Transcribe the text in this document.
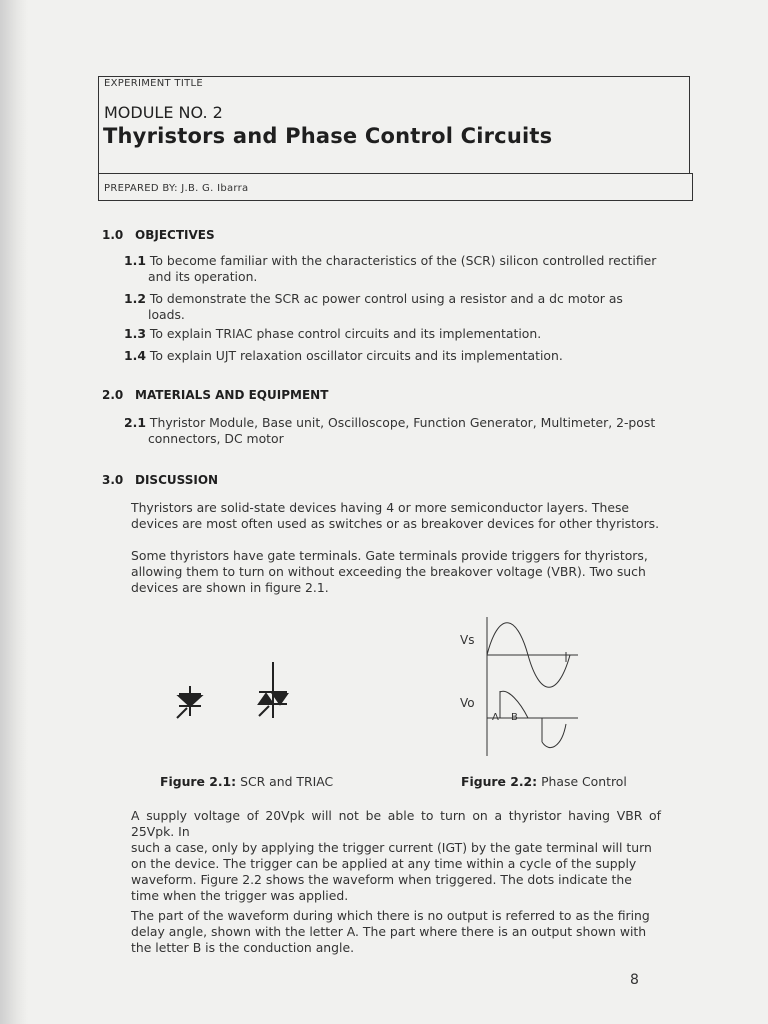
EXPERIMENT TITLE
MODULE NO. 2
Thyristors and Phase Control Circuits
PREPARED BY: J.B. G. Ibarra
1.0 OBJECTIVES
1.1 To become familiar with the characteristics of the (SCR) silicon controlled rectifier
and its operation.
1.2 To demonstrate the SCR ac power control using a resistor and a dc motor as
loads.
1.3 To explain TRIAC phase control circuits and its implementation.
1.4 To explain UJT relaxation oscillator circuits and its implementation.
2.0 MATERIALS AND EQUIPMENT
2.1 Thyristor Module, Base unit, Oscilloscope, Function Generator, Multimeter, 2-post
connectors, DC motor
3.0 DISCUSSION
Thyristors are solid-state devices having 4 or more semiconductor layers. These
devices are most often used as switches or as breakover devices for other thyristors.
Some thyristors have gate terminals. Gate terminals provide triggers for thyristors,
allowing them to turn on without exceeding the breakover voltage (VBR). Two such
devices are shown in figure 2.1.
Vs
Vo
A B
Figure 2.1: SCR and TRIAC	Figure 2.2: Phase Control
A supply voltage of 20Vpk will not be able to turn on a thyristor having VBR of 25Vpk. In
such a case, only by applying the trigger current (IGT) by the gate terminal will turn
on the device. The trigger can be applied at any time within a cycle of the supply
waveform. Figure 2.2 shows the waveform when triggered. The dots indicate the
time when the trigger was applied.
The part of the waveform during which there is no output is referred to as the firing
delay angle, shown with the letter A. The part where there is an output shown with
the letter B is the conduction angle.
8
